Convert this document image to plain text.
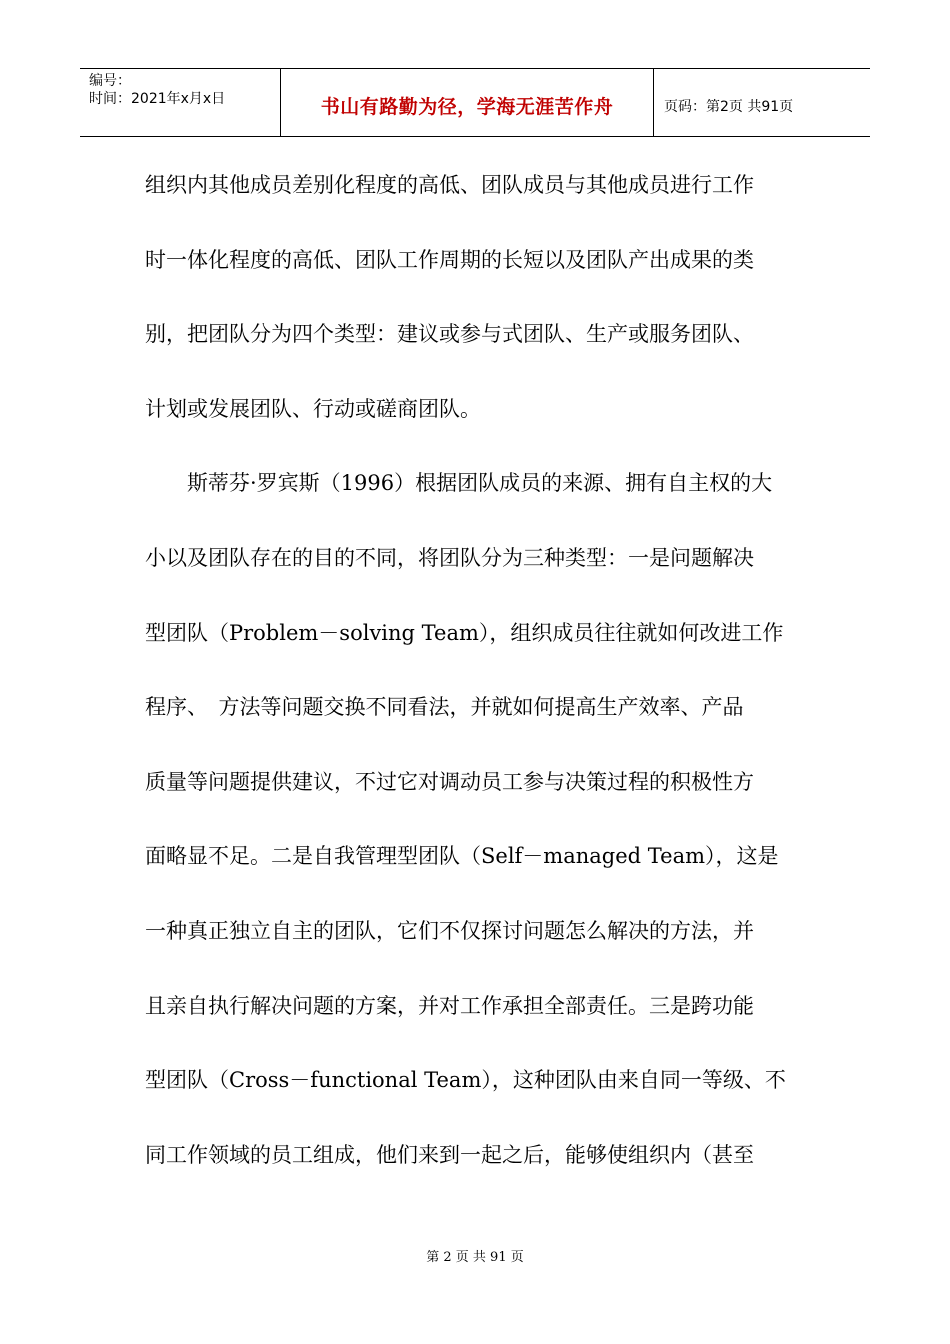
编号：
时间：2021年x月x日	书山有路勤为径，学海无涯苦作舟	页码：第2页 共91页
组织内其他成员差别化程度的高低、团队成员与其他成员进行工作
时一体化程度的高低、团队工作周期的长短以及团队产出成果的类
别，把团队分为四个类型：建议或参与式团队、生产或服务团队、
计划或发展团队、行动或磋商团队。
　　斯蒂芬·罗宾斯（1996）根据团队成员的来源、拥有自主权的大
小以及团队存在的目的不同，将团队分为三种类型：一是问题解决
型团队（Problem－solving Team），组织成员往往就如何改进工作
程序、　方法等问题交换不同看法，并就如何提高生产效率、产品
质量等问题提供建议，不过它对调动员工参与决策过程的积极性方
面略显不足。二是自我管理型团队（Self－managed Team），这是
一种真正独立自主的团队，它们不仅探讨问题怎么解决的方法，并
且亲自执行解决问题的方案，并对工作承担全部责任。三是跨功能
型团队（Cross－functional Team），这种团队由来自同一等级、不
同工作领域的员工组成，他们来到一起之后，能够使组织内（甚至
第 2 页 共 91 页
